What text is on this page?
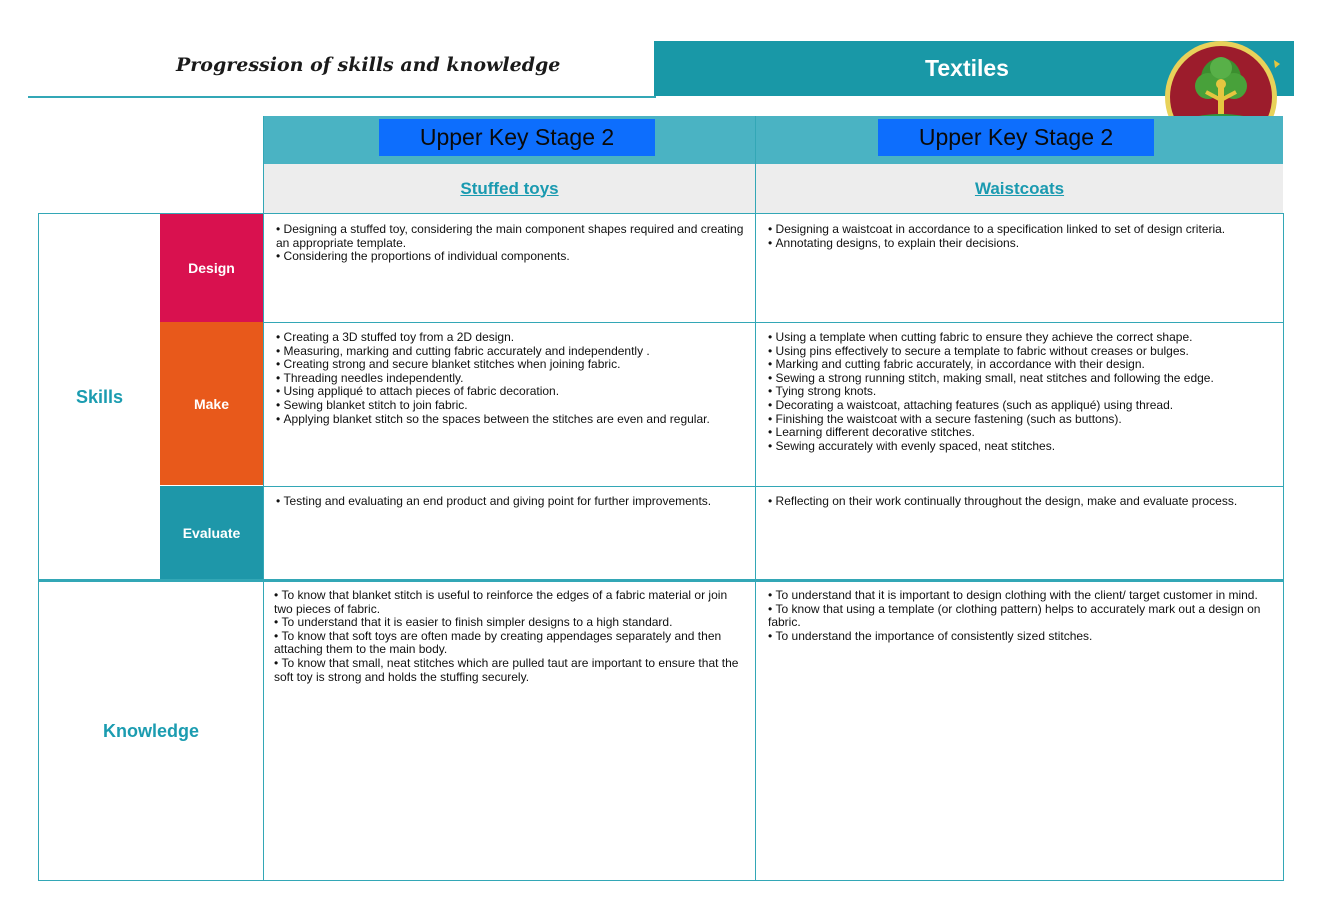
Progression of skills and knowledge	Textiles
Upper Key Stage 2	Upper Key Stage 2
Stuffed toys	Waistcoats
Design
Make
Evaluate
Skills
Knowledge
• Designing a stuffed toy, considering the main component shapes required and creating an appropriate template.
• Considering the proportions of individual components.
• Designing a waistcoat in accordance to a specification linked to set of design criteria.
• Annotating designs, to explain their decisions.
• Creating a 3D stuffed toy from a 2D design.
• Measuring, marking and cutting fabric accurately and independently .
• Creating strong and secure blanket stitches when joining fabric.
• Threading needles independently.
• Using appliqué to attach pieces of fabric decoration.
• Sewing blanket stitch to join fabric.
• Applying blanket stitch so the spaces between the stitches are even and regular.
• Using a template when cutting fabric to ensure they achieve the correct shape.
• Using pins effectively to secure a template to fabric without creases or bulges.
• Marking and cutting fabric accurately, in accordance with their design.
• Sewing a strong running stitch, making small, neat stitches and following the edge.
• Tying strong knots.
• Decorating a waistcoat, attaching features (such as appliqué) using thread.
• Finishing the waistcoat with a secure fastening (such as buttons).
• Learning different decorative stitches.
• Sewing accurately with evenly spaced, neat stitches.
• Testing and evaluating an end product and giving point for further improvements.
•	Reflecting on their work continually throughout the design, make and evaluate process.
• To know that blanket stitch is useful to reinforce the edges of a fabric material or join two pieces of fabric.
• To understand that it is easier to finish simpler designs to a high standard.
• To know that soft toys are often made by creating appendages separately and then attaching them to the main body.
• To know that small, neat stitches which are pulled taut are important to ensure that the soft toy is strong and holds the stuffing securely.
• To understand that it is important to design clothing with the client/ target customer in mind.
• To know that using a template (or clothing pattern) helps to accurately mark out a design on fabric.
• To understand the importance of consistently sized stitches.
